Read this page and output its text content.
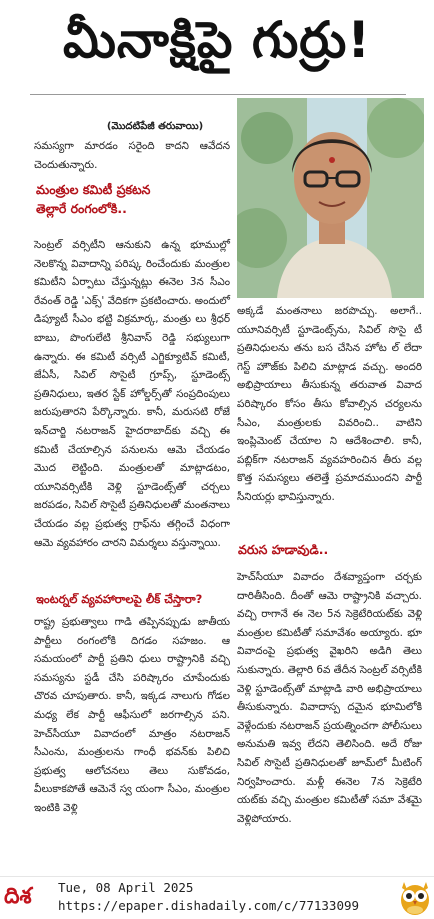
మీనాక్షిపై గుర్రు!
(మొదటిపేజీ తరువాయి)

సమస్యగా మారడం సరైంది కాదని ఆవేదన చెందుతున్నారు.

మంత్రుల కమిటీ ప్రకటన
తెల్లారే రంగంలోకి..

సెంట్రల్ వర్సిటీని ఆనుకుని ఉన్న భూముల్లో నెలకొన్న వివాదాన్ని పరిష్క రించేందుకు మంత్రుల కమిటీని ఏర్పాటు చేస్తున్నట్లు ఈనెల 3న సీఎం రేవంత్ రెడ్డి 'ఎక్స్' వేదికగా ప్రకటించారు. అందులో డిప్యూటీ సీఎం భట్టి విక్రమార్క, మంత్రు లు శ్రీధర్ బాబు, పొంగులేటి శ్రీనివాస్ రెడ్డి సభ్యులుగా ఉన్నారు. ఈ కమిటీ వర్సిటీ ఎగ్జిక్యూటివ్ కమిటీ, జేఏసీ, సివిల్ సొసైటీ గ్రూప్స్, స్టూడెంట్స్ ప్రతినిధులు, ఇతర స్టేక్ హోల్డర్స్‌తో సంప్రదింపులు జరుపుతారని పేర్కొన్నారు. కానీ, మరుసటి రోజే ఇన్‌చార్జి నటరాజన్ హైదరాబాద్‌కు వచ్చి ఈ కమిటీ చేయాల్సిన పనులను ఆమె చేయడం మొద లెట్టింది. మంత్రులతో మాట్లాడటం, యూనివర్సిటీకి వెళ్లి స్టూడెంట్స్‌తో చర్చలు జరపడం, సివిల్ సొసైటీ ప్రతినిధులతో మంతనాలు చేయడం వల్ల ప్రభుత్వ గ్రాఫ్‌ను తగ్గించే విధంగా ఆమె వ్యవహారం చారని విమర్శలు వస్తున్నాయి.

ఇంటర్నల్ వ్యవహారాలపై లీక్ చేస్తారా?

రాష్ట్ర ప్రభుత్వాలు గాడి తప్పినప్పుడు జాతీయ పార్టీలు రంగంలోకి దిగడం సహజం. ఆ సమయంలో పార్టీ ప్రతిని ధులు రాష్ట్రానికి వచ్చి సమస్యను స్టడీ చేసి పరిష్కారం చూపేందుకు చొరవ చూపుతారు. కానీ, ఇక్కడ నాలుగు గోడల మధ్య లేక పార్టీ ఆఫీసులో జరగాల్సిన పని. హెచ్‌సీయూ వివాదంలో మాత్రం నటరాజన్ సీఎంను, మంత్రులను గాంధీ భవన్‌కు పిలిచి ప్రభుత్వ ఆలోచనలు తెలు సుకోవడం, వీలుకాకపోతే ఆమెనే స్వ యంగా సీఎం, మంత్రుల ఇంటికి వెళ్లి

అక్కడే మంతనాలు జరపొచ్చు. అలాగే.. యూనివర్సిటీ స్టూడెంట్స్‌ను, సివిల్ సొసై టీ ప్రతినిధులను తను బస చేసిన హోట ల్ లేదా గెస్ట్ హౌజ్‌కు పిలిచి మాట్లాడ వచ్చు. అందరి అభిప్రాయాలు తీసుకున్న తరువాత వివాద పరిష్కారం కోసం తీసు కోవాల్సిన చర్యలను సీఎం, మంత్రులకు వివరించి.. వాటిని ఇంప్లిమెంట్ చేయాల ని ఆదేశించాలి. కానీ, పబ్లిక్‌గా నటరాజన్ వ్యవహరించిన తీరు వల్ల కొత్త సమస్యలు తలెత్తే ప్రమాదముందని పార్టీ సీనియర్లు భావిస్తున్నారు.

వరుస హడావుడి..

హెచ్‌సీయూ వివాదం దేశవ్యాప్తంగా చర్చకు దారితీసింది. దీంతో ఆమె రాష్ట్రానికి వచ్చారు. వచ్చి రాగానే ఈ నెల 5న సెక్రెటేరియట్‌కు వెళ్లి మంత్రుల కమిటీతో సమావేశం అయ్యారు. భూ వివాదంపై ప్రభుత్వ వైఖరిని అడిగి తెలు సుకున్నారు. తెల్లారి 6వ తేదీన సెంట్రల్ వర్సిటీకి వెళ్లి స్టూడెంట్స్‌తో మాట్లాడి వారి అభిప్రాయాలు తీసుకున్నారు. వివాదాస్ప దమైన భూమిలోకి వెళ్లేందుకు నటరాజన్ ప్రయత్నించగా పోలీసులు అనుమతి ఇవ్వ లేదని తెలిసింది. అదే రోజు సివిల్ సొసైటీ ప్రతినిధులతో జూమ్‌లో మీటింగ్ నిర్వహించారు. మళ్లీ ఈనెల 7న సెక్రెటేరి యట్‌కు వచ్చి మంత్రుల కమిటీతో సమా వేశమై వెళ్లిపోయారు.

దిశ	Tue, 08 April 2025
https://epaper.dishadaily.com/c/77133099
